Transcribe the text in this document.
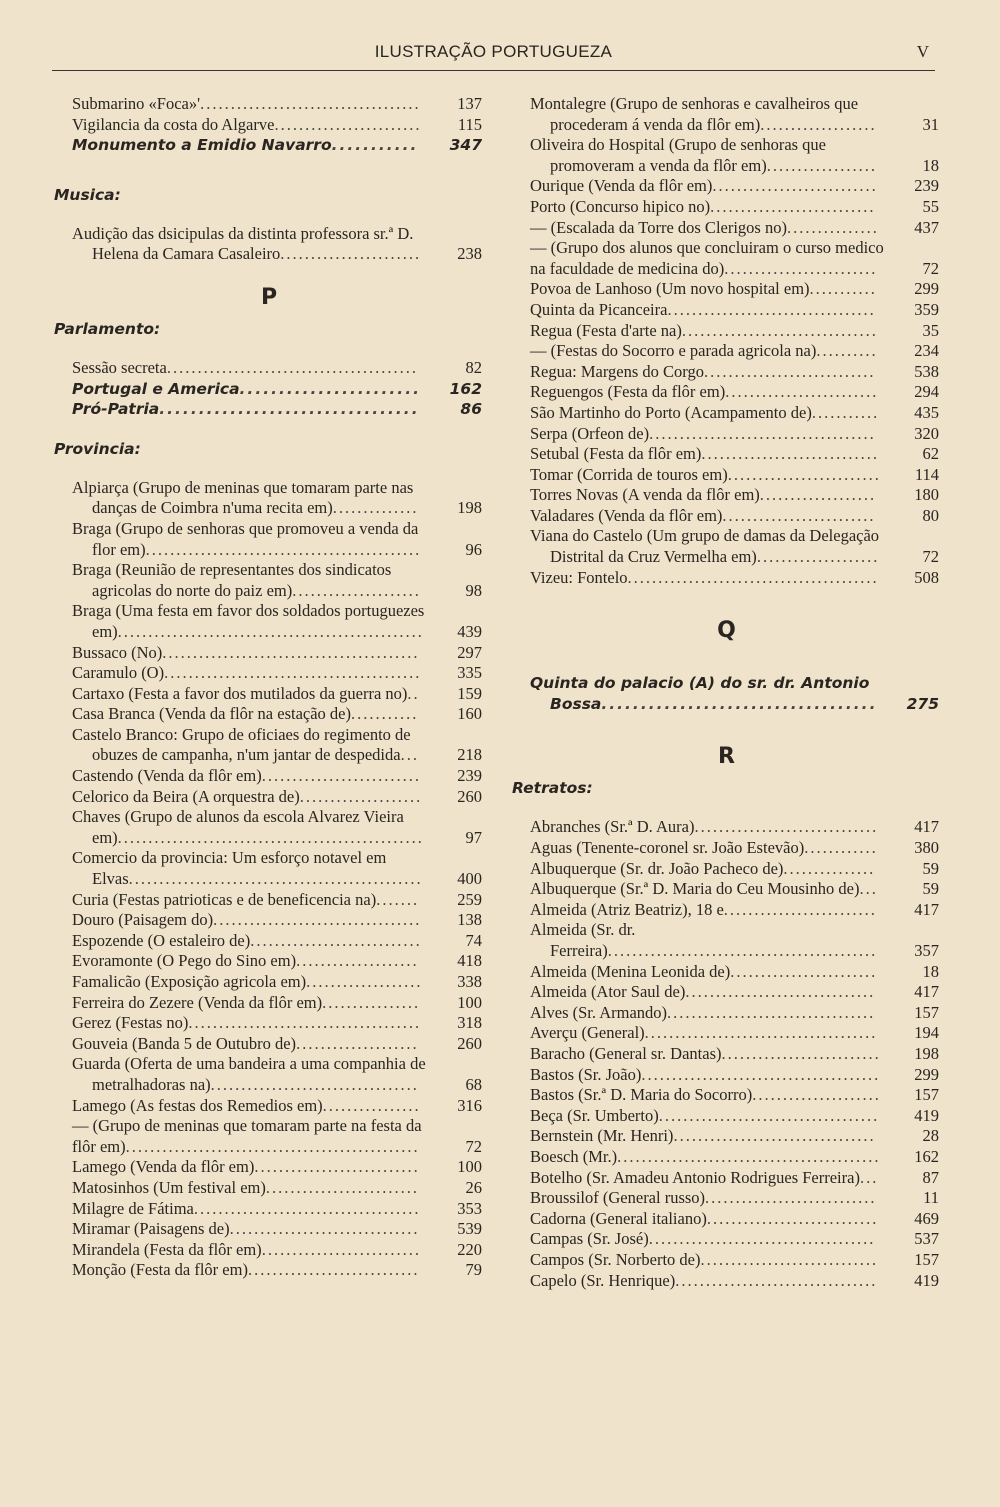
ILUSTRAÇÃO PORTUGUEZA	V
Submarino «Foca»'.................................... 137
Vigilancia da costa do Algarve........................ 115
Monumento a Emidio Navarro........... 347
Musica:
Audição das dsicipulas da distinta professora sr.ª D. Helena da Camara Casaleiro....................... 238
P
Parlamento:
Sessão secreta.........................................	82
Portugal e America....................... 162
Pró-Patria.................................	86
Provincia:
Alpiarça (Grupo de meninas que tomaram parte nas danças de Coimbra n'uma recita em).............. 198
Braga (Grupo de senhoras que promoveu a venda da flor em).............................................	96
Braga (Reunião de representantes dos sindicatos agricolas do norte do paiz em).....................	98
Braga (Uma festa em favor dos soldados portuguezes em).................................................. 439
Bussaco (No).......................................... 297
Caramulo (O).......................................... 335
Cartaxo (Festa a favor dos mutilados da guerra no).. 159
Casa Branca (Venda da flôr na estação de)........... 160
Castelo Branco: Grupo de oficiaes do regimento de obuzes de campanha, n'um jantar de despedida... 218
Castendo (Venda da flôr em).......................... 239
Celorico da Beira (A orquestra de).................... 260
Chaves (Grupo de alunos da escola Alvarez Vieira em)..................................................	97
Comercio da provincia: Um esforço notavel em Elvas................................................ 400
Curia (Festas patrioticas e de beneficencia na)....... 259
Douro (Paisagem do).................................. 138
Espozende (O estaleiro de)............................	74
Evoramonte (O Pego do Sino em).................... 418
Famalicão (Exposição agricola em)................... 338
Ferreira do Zezere (Venda da flôr em)................ 100
Gerez (Festas no)...................................... 318
Gouveia (Banda 5 de Outubro de).................... 260
Guarda (Oferta de uma bandeira a uma companhia de metralhadoras na)..................................	68
Lamego (As festas dos Remedios em)................ 316
— (Grupo de meninas que tomaram parte na festa da flôr em)................................................	72
Lamego (Venda da flôr em)........................... 100
Matosinhos (Um festival em).........................	26
Milagre de Fátima..................................... 353
Miramar (Paisagens de)............................... 539
Mirandela (Festa da flôr em).......................... 220
Monção (Festa da flôr em)............................	79
Montalegre (Grupo de senhoras e cavalheiros que procederam á venda da flôr em)...................	31
Oliveira do Hospital (Grupo de senhoras que promoveram a venda da flôr em)..................	18
Ourique (Venda da flôr em)........................... 239
Porto (Concurso hipico no)...........................	55
— (Escalada da Torre dos Clerigos no)............... 437
— (Grupo dos alunos que concluiram o curso medico na faculdade de medicina do).........................	72
Povoa de Lanhoso (Um novo hospital em)........... 299
Quinta da Picanceira.................................. 359
Regua (Festa d'arte na)................................	35
— (Festas do Socorro e parada agricola na).......... 234
Regua: Margens do Corgo............................ 538
Reguengos (Festa da flôr em)......................... 294
São Martinho do Porto (Acampamento de)........... 435
Serpa (Orfeon de)..................................... 320
Setubal (Festa da flôr em).............................	62
Tomar (Corrida de touros em)......................... 114
Torres Novas (A venda da flôr em)................... 180
Valadares (Venda da flôr em).........................	80
Viana do Castelo (Um grupo de damas da Delegação Distrital da Cruz Vermelha em)....................	72
Vizeu: Fontelo......................................... 508
Q
Quinta do palacio (A) do sr. dr. Antonio Bossa................................... 275
R
Retratos:
Abranches (Sr.ª D. Aura).............................. 417
Aguas (Tenente-coronel sr. João Estevão)............ 380
Albuquerque (Sr. dr. João Pacheco de)...............	59
Albuquerque (Sr.ª D. Maria do Ceu Mousinho de)...	59
Almeida (Atriz Beatriz), 18 e......................... 417
Almeida (Sr. dr. Ferreira)............................................ 357
Almeida (Menina Leonida de)........................	18
Almeida (Ator Saul de)............................... 417
Alves (Sr. Armando).................................. 157
Averçu (General)...................................... 194
Baracho (General sr. Dantas).......................... 198
Bastos (Sr. João)....................................... 299
Bastos (Sr.ª D. Maria do Socorro)..................... 157
Beça (Sr. Umberto).................................... 419
Bernstein (Mr. Henri).................................	28
Boesch (Mr.)........................................... 162
Botelho (Sr. Amadeu Antonio Rodrigues Ferreira)...	87
Broussilof (General russo)............................	11
Cadorna (General italiano)............................ 469
Campas (Sr. José)..................................... 537
Campos (Sr. Norberto de)............................. 157
Capelo (Sr. Henrique)................................. 419
